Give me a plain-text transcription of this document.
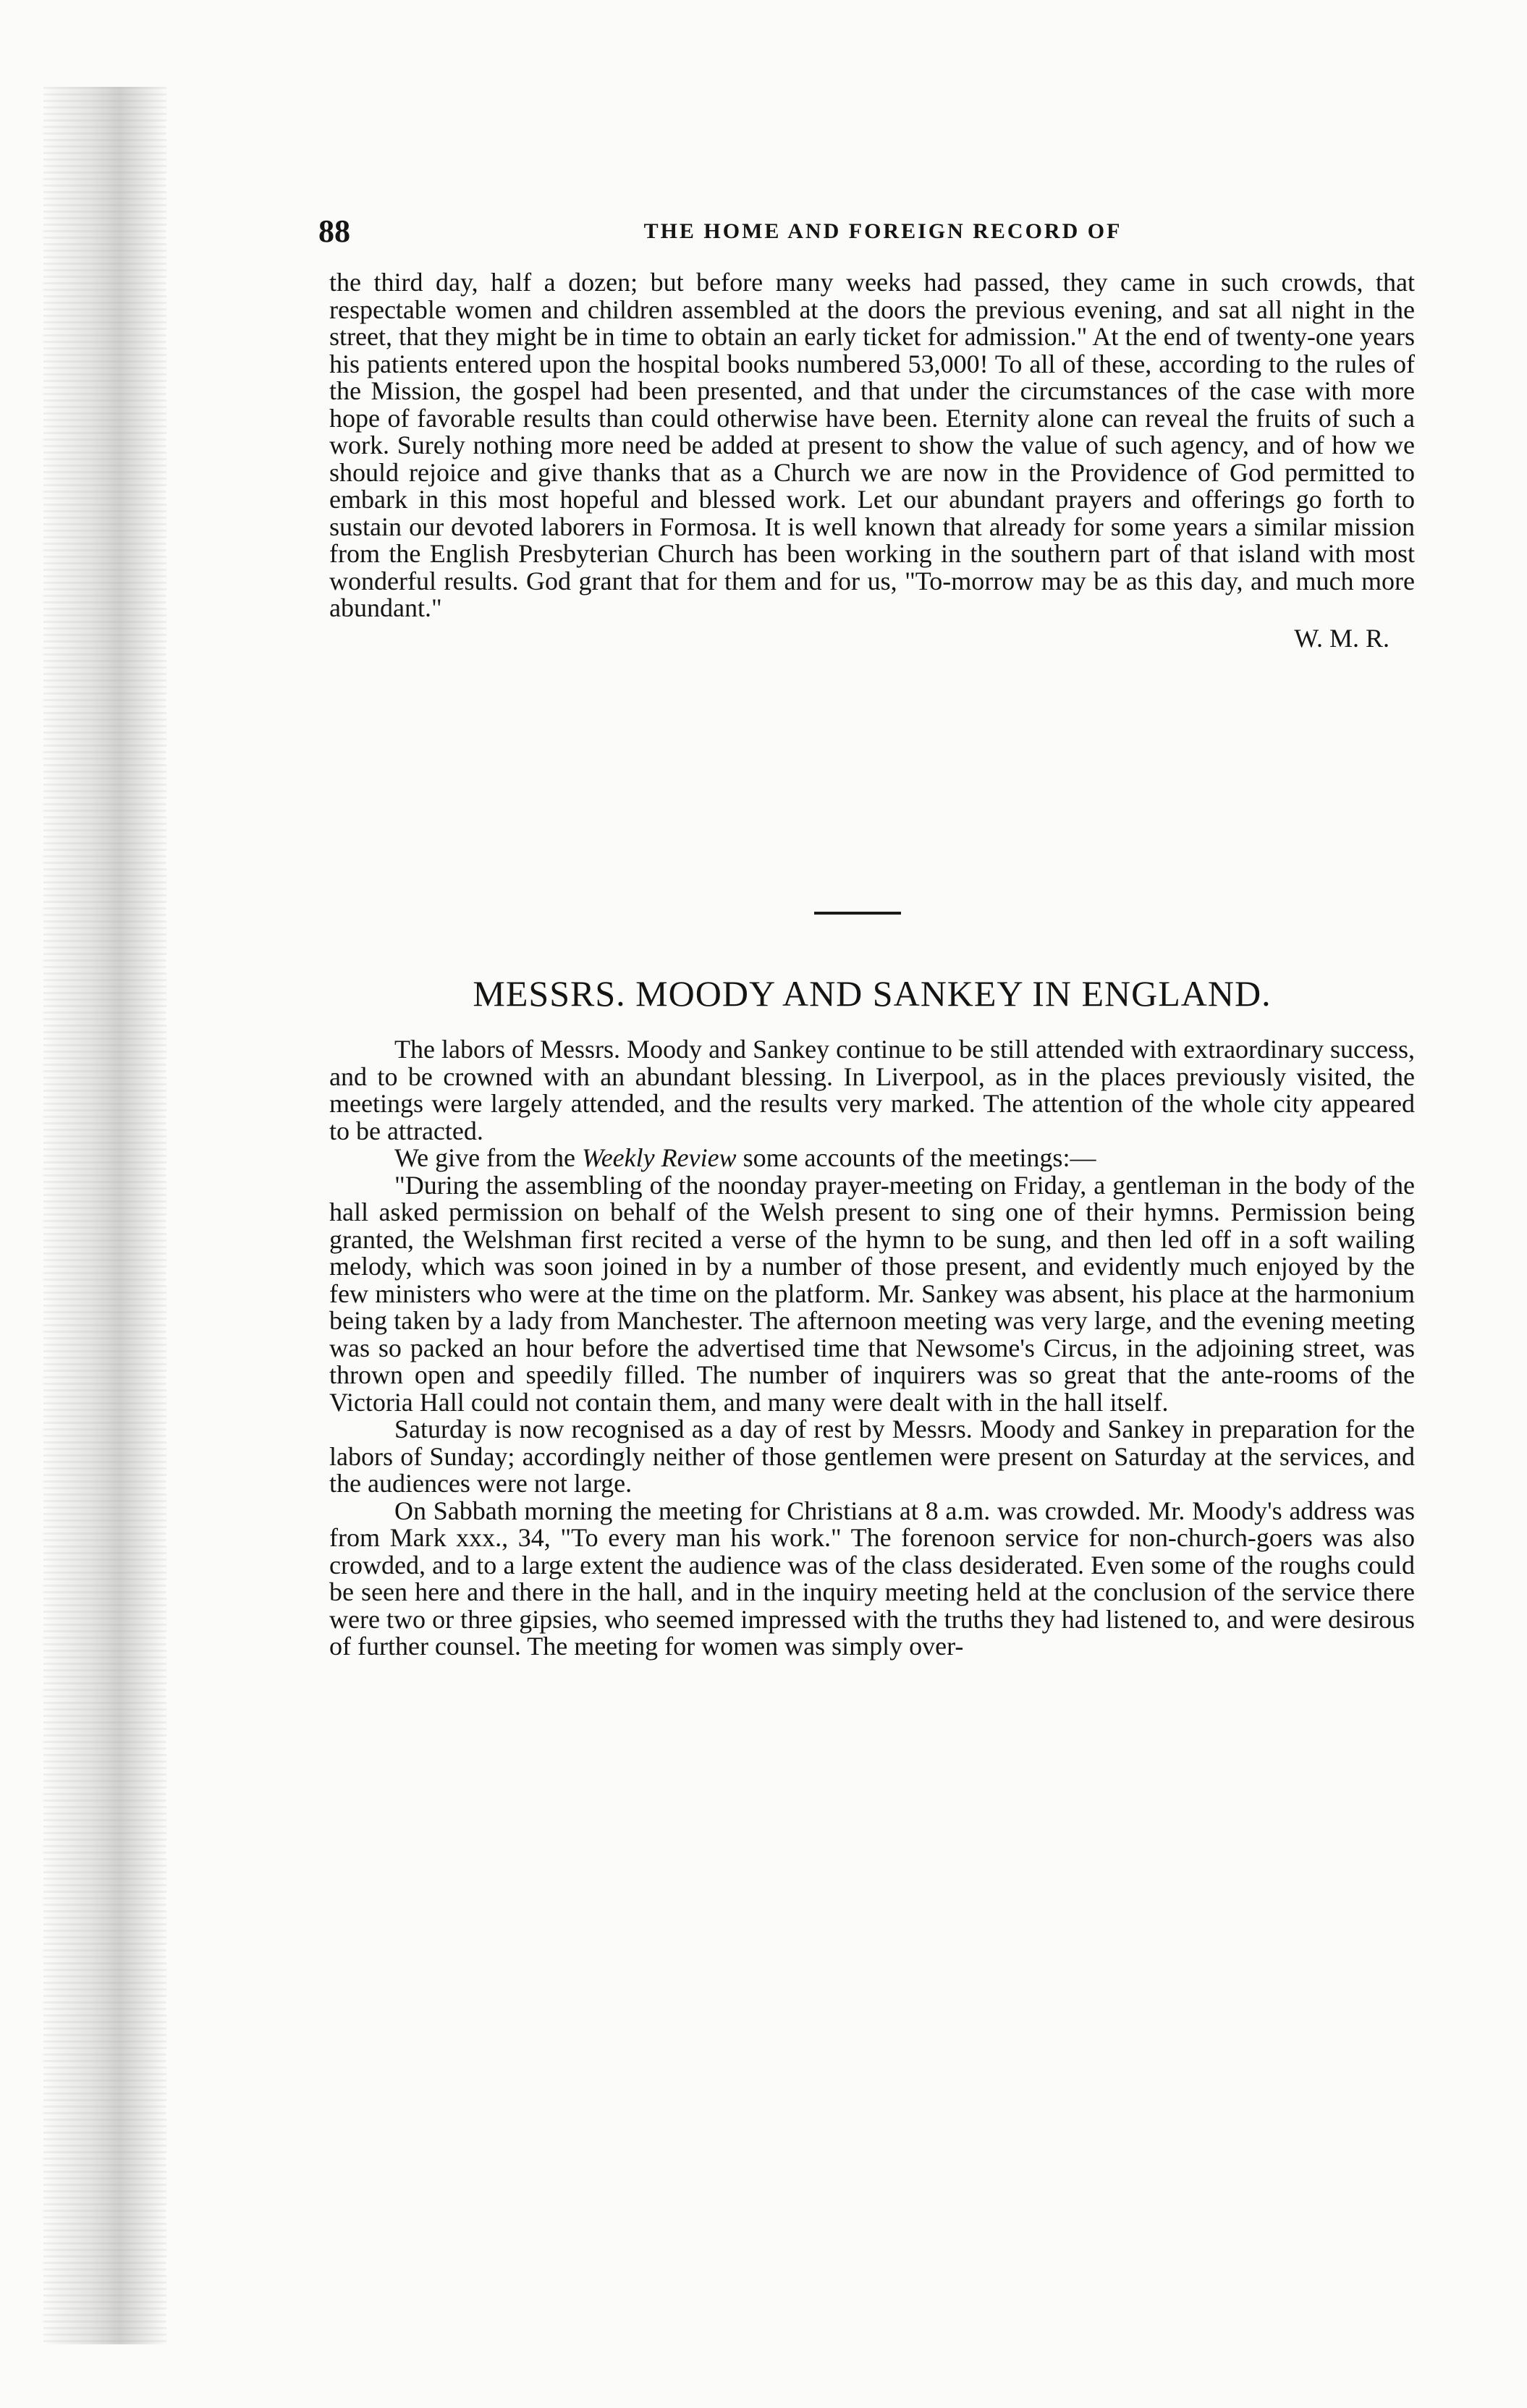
88	THE HOME AND FOREIGN RECORD OF

the third day, half a dozen; but before many weeks had passed, they came in such crowds, that respectable women and children assembled at the doors the previous evening, and sat all night in the street, that they might be in time to obtain an early ticket for admission." At the end of twenty-one years his patients entered upon the hospital books numbered 53,000! To all of these, according to the rules of the Mission, the gospel had been presented, and that under the circumstances of the case with more hope of favorable results than could otherwise have been. Eternity alone can reveal the fruits of such a work. Surely nothing more need be added at present to show the value of such agency, and of how we should rejoice and give thanks that as a Church we are now in the Providence of God permitted to embark in this most hopeful and blessed work. Let our abundant prayers and offerings go forth to sustain our devoted laborers in Formosa. It is well known that already for some years a similar mission from the English Presbyterian Church has been working in the southern part of that island with most wonderful results. God grant that for them and for us, "To-morrow may be as this day, and much more abundant."

W. M. R.
MESSRS. MOODY AND SANKEY IN ENGLAND.

The labors of Messrs. Moody and Sankey continue to be still attended with extraordinary success, and to be crowned with an abundant blessing. In Liverpool, as in the places previously visited, the meetings were largely attended, and the results very marked. The attention of the whole city appeared to be attracted.

We give from the Weekly Review some accounts of the meetings:—

"During the assembling of the noonday prayer-meeting on Friday, a gentleman in the body of the hall asked permission on behalf of the Welsh present to sing one of their hymns. Permission being granted, the Welshman first recited a verse of the hymn to be sung, and then led off in a soft wailing melody, which was soon joined in by a number of those present, and evidently much enjoyed by the few ministers who were at the time on the platform. Mr. Sankey was absent, his place at the harmonium being taken by a lady from Manchester. The afternoon meeting was very large, and the evening meeting was so packed an hour before the advertised time that Newsome's Circus, in the adjoining street, was thrown open and speedily filled. The number of inquirers was so great that the ante-rooms of the Victoria Hall could not contain them, and many were dealt with in the hall itself.

Saturday is now recognised as a day of rest by Messrs. Moody and Sankey in preparation for the labors of Sunday; accordingly neither of those gentlemen were present on Saturday at the services, and the audiences were not large.

On Sabbath morning the meeting for Christians at 8 a.m. was crowded. Mr. Moody's address was from Mark xxx., 34, "To every man his work." The forenoon service for non-church-goers was also crowded, and to a large extent the audience was of the class desiderated. Even some of the roughs could be seen here and there in the hall, and in the inquiry meeting held at the conclusion of the service there were two or three gipsies, who seemed impressed with the truths they had listened to, and were desirous of further counsel. The meeting for women was simply over-
